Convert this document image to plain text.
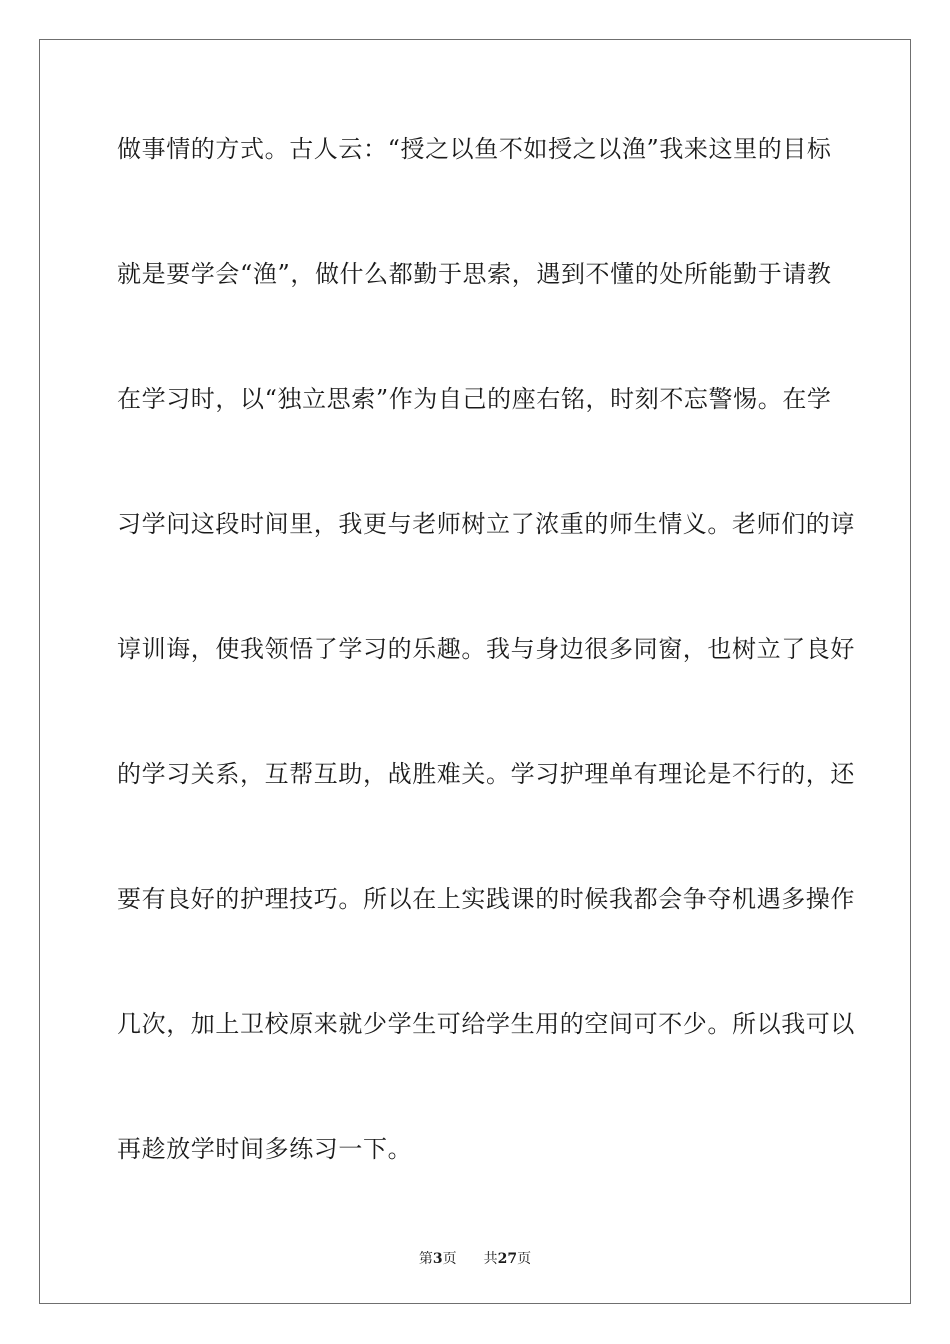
做事情的方式。古人云：“授之以鱼不如授之以渔”我来这里的目标
就是要学会“渔”，做什么都勤于思索，遇到不懂的处所能勤于请教
在学习时，以“独立思索”作为自己的座右铭，时刻不忘警惕。在学
习学问这段时间里，我更与老师树立了浓重的师生情义。老师们的谆
谆训诲，使我领悟了学习的乐趣。我与身边很多同窗，也树立了良好
的学习关系，互帮互助，战胜难关。学习护理单有理论是不行的，还
要有良好的护理技巧。所以在上实践课的时候我都会争夺机遇多操作
几次，加上卫校原来就少学生可给学生用的空间可不少。所以我可以
再趁放学时间多练习一下。
第3页 共27页
